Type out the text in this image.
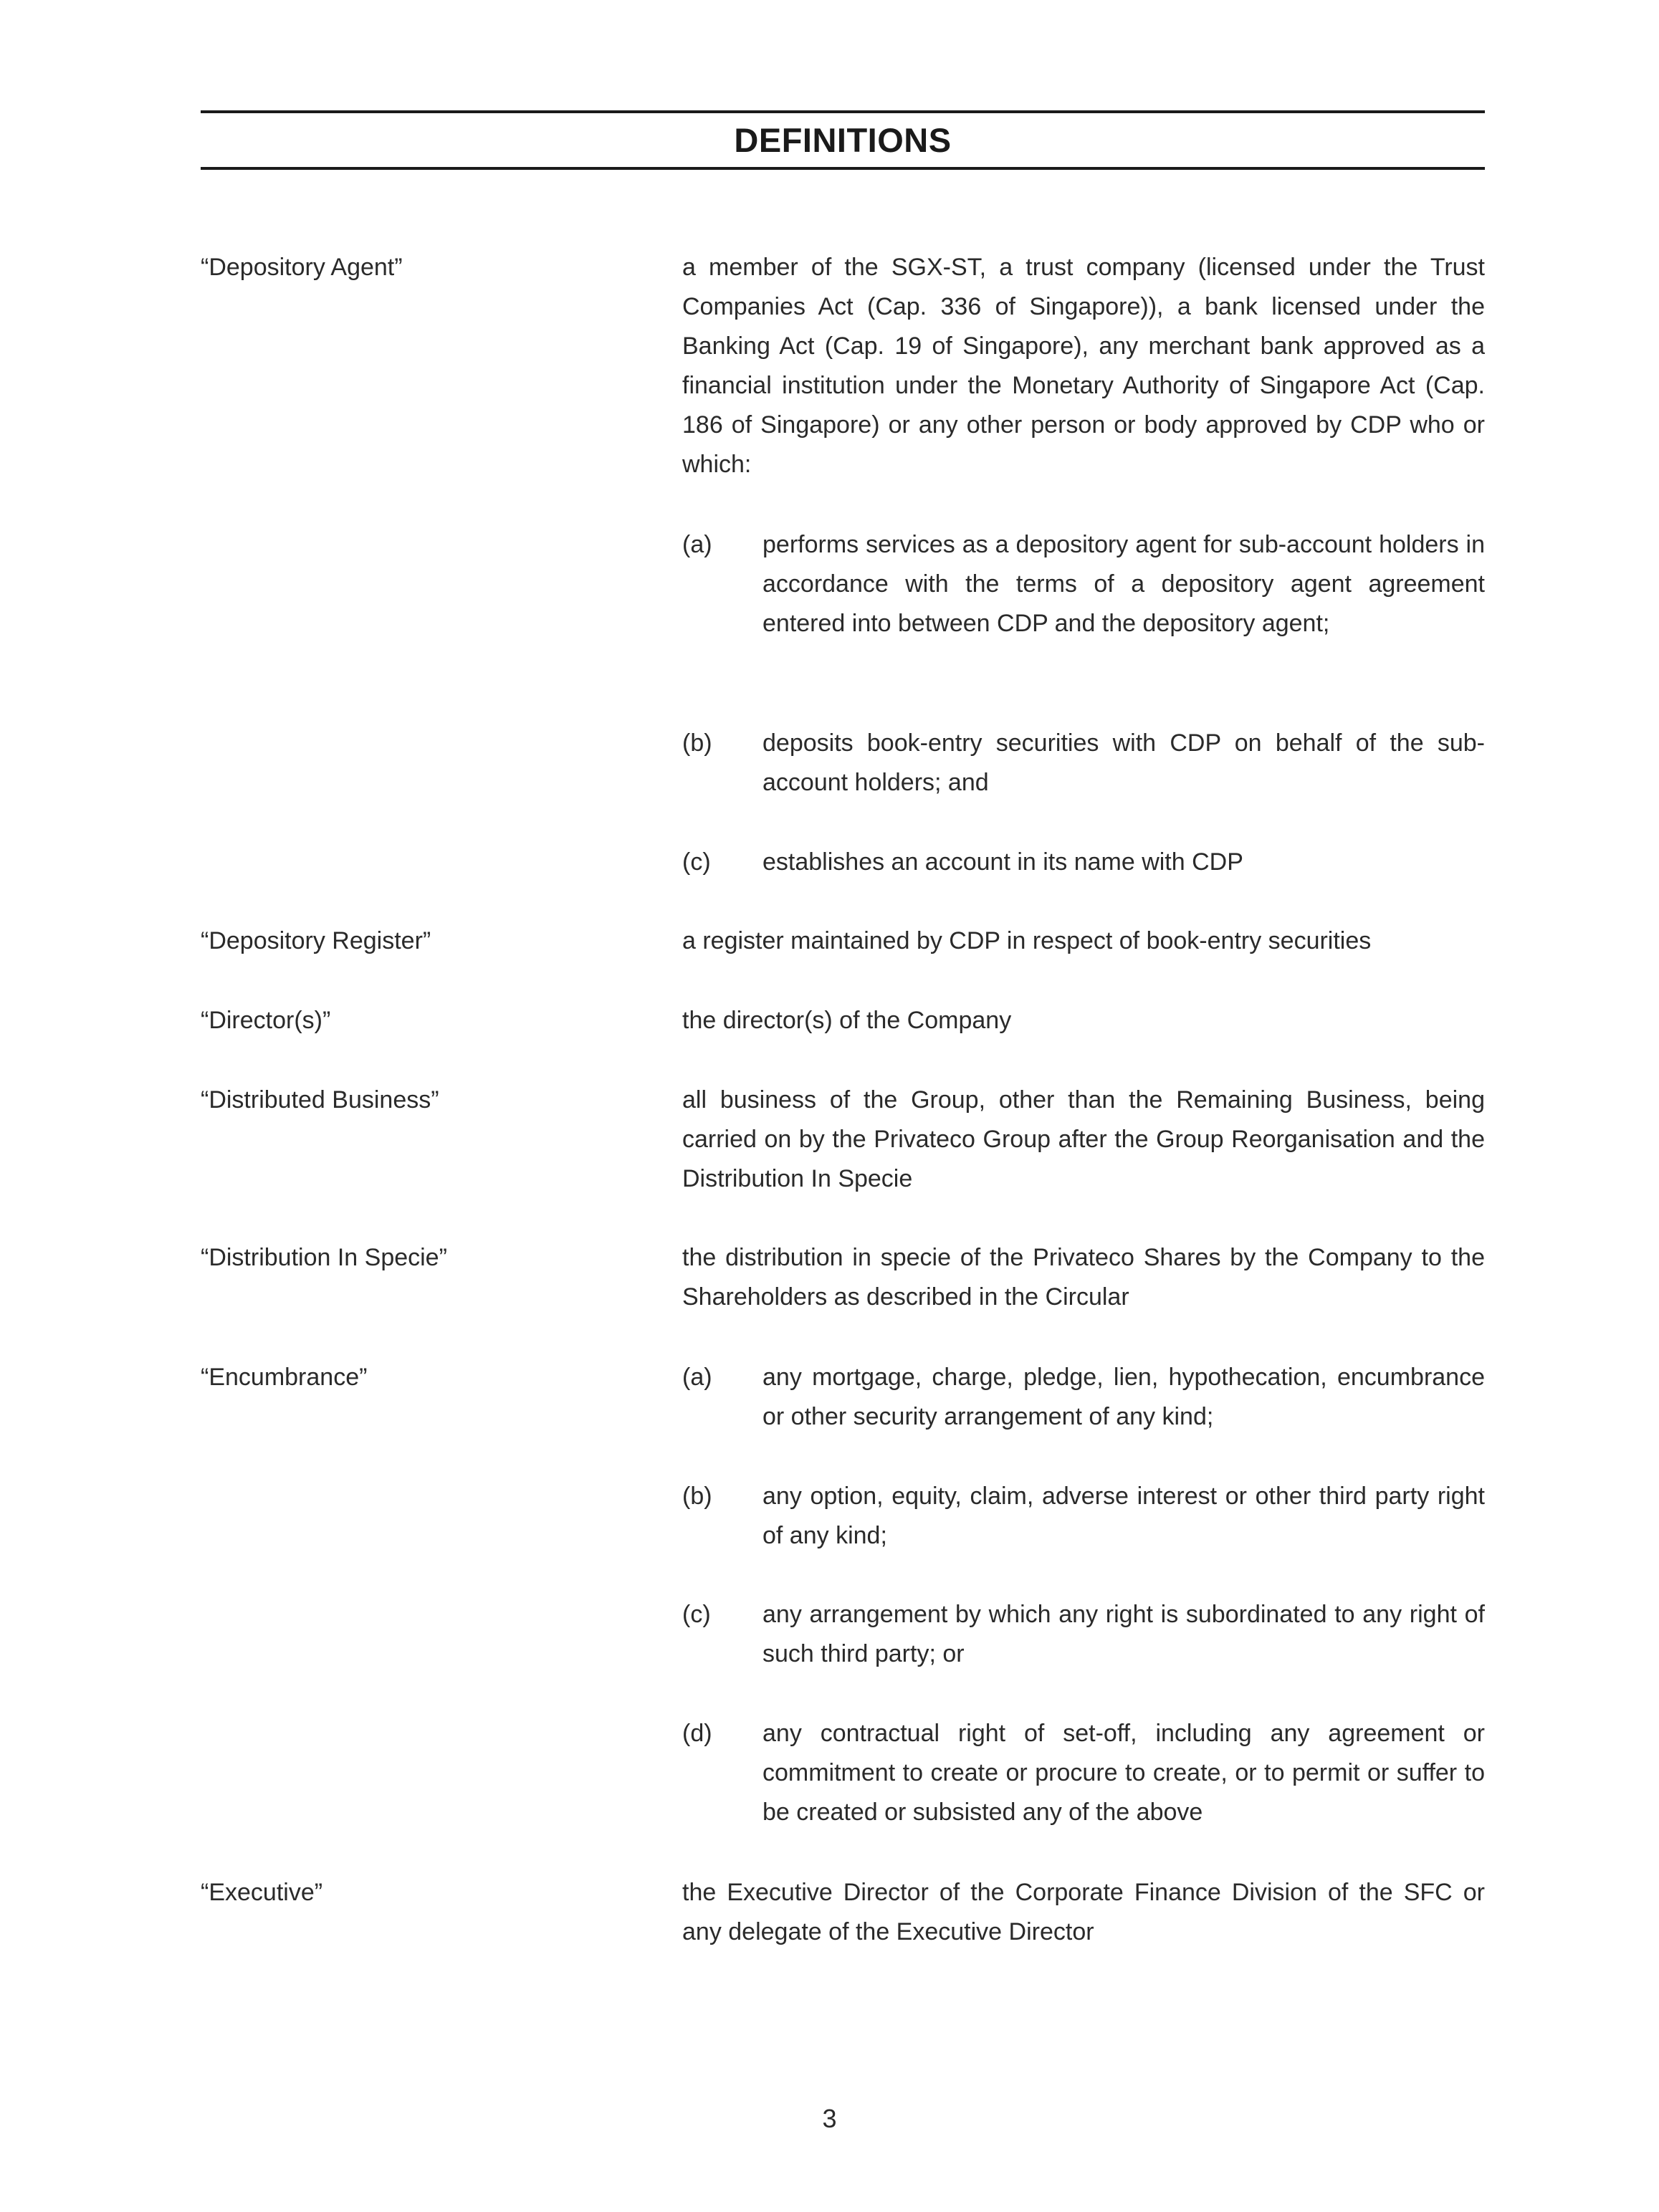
DEFINITIONS
“Depository Agent”	a member of the SGX-ST, a trust company (licensed under the Trust Companies Act (Cap. 336 of Singapore)), a bank licensed under the Banking Act (Cap. 19 of Singapore), any merchant bank approved as a financial institution under the Monetary Authority of Singapore Act (Cap. 186 of Singapore) or any other person or body approved by CDP who or which:
(a)	performs services as a depository agent for sub-account holders in accordance with the terms of a depository agent agreement entered into between CDP and the depository agent;
(b)	deposits book-entry securities with CDP on behalf of the sub-account holders; and
(c)	establishes an account in its name with CDP
“Depository Register”	a register maintained by CDP in respect of book-entry securities
“Director(s)”	the director(s) of the Company
“Distributed Business”	all business of the Group, other than the Remaining Business, being carried on by the Privateco Group after the Group Reorganisation and the Distribution In Specie
“Distribution In Specie”	the distribution in specie of the Privateco Shares by the Company to the Shareholders as described in the Circular
“Encumbrance”	(a)	any mortgage, charge, pledge, lien, hypothecation, encumbrance or other security arrangement of any kind;
(b)	any option, equity, claim, adverse interest or other third party right of any kind;
(c)	any arrangement by which any right is subordinated to any right of such third party; or
(d)	any contractual right of set-off, including any agreement or commitment to create or procure to create, or to permit or suffer to be created or subsisted any of the above
“Executive”	the Executive Director of the Corporate Finance Division of the SFC or any delegate of the Executive Director
3
